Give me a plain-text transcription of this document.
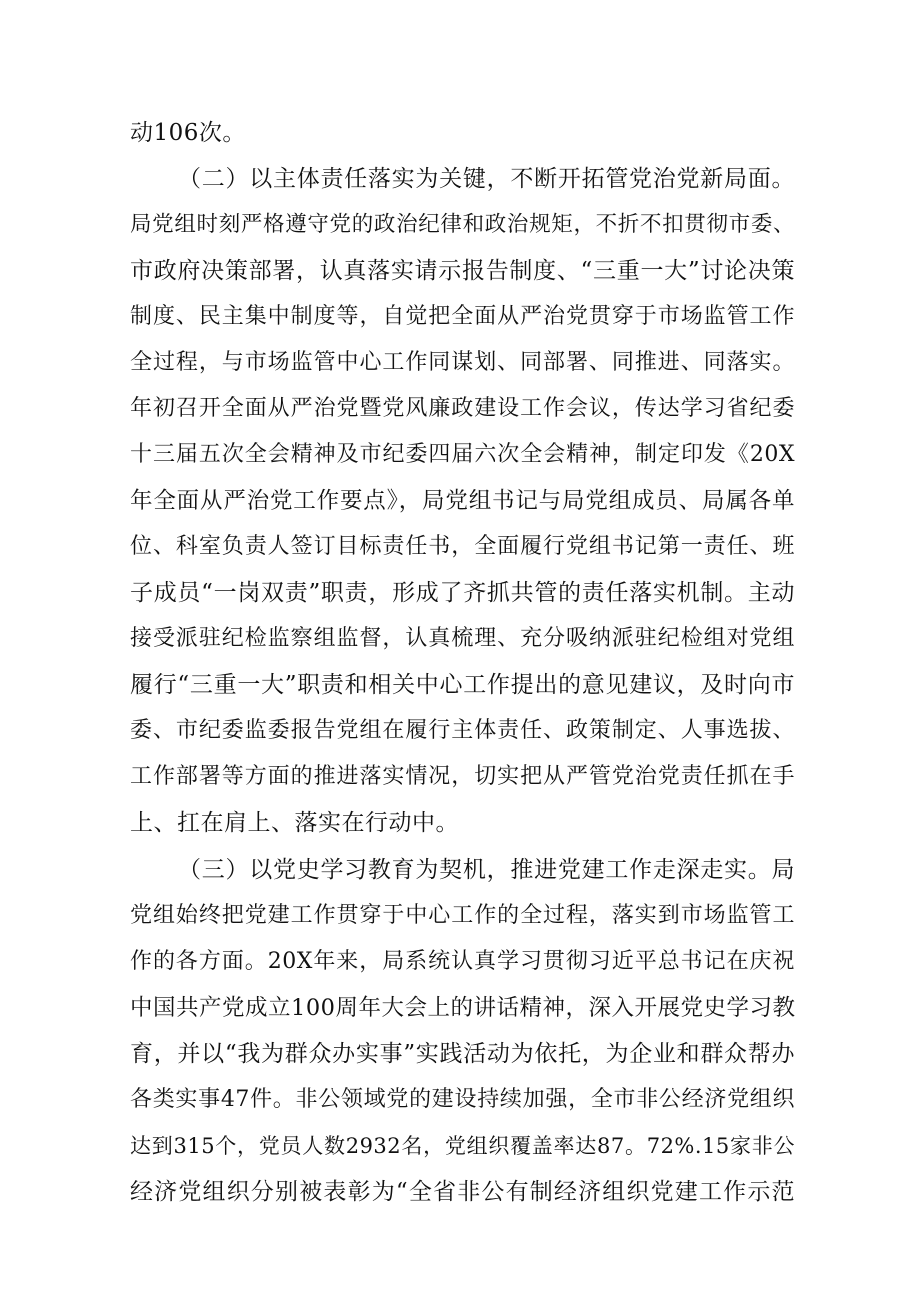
动106次。
（二）以主体责任落实为关键，不断开拓管党治党新局面。
局党组时刻严格遵守党的政治纪律和政治规矩，不折不扣贯彻市委、
市政府决策部署，认真落实请示报告制度、“三重一大”讨论决策
制度、民主集中制度等，自觉把全面从严治党贯穿于市场监管工作
全过程，与市场监管中心工作同谋划、同部署、同推进、同落实。
年初召开全面从严治党暨党风廉政建设工作会议，传达学习省纪委
十三届五次全会精神及市纪委四届六次全会精神，制定印发《20X
年全面从严治党工作要点》，局党组书记与局党组成员、局属各单
位、科室负责人签订目标责任书，全面履行党组书记第一责任、班
子成员“一岗双责”职责，形成了齐抓共管的责任落实机制。主动
接受派驻纪检监察组监督，认真梳理、充分吸纳派驻纪检组对党组
履行“三重一大”职责和相关中心工作提出的意见建议，及时向市
委、市纪委监委报告党组在履行主体责任、政策制定、人事选拔、
工作部署等方面的推进落实情况，切实把从严管党治党责任抓在手
上、扛在肩上、落实在行动中。
（三）以党史学习教育为契机，推进党建工作走深走实。局
党组始终把党建工作贯穿于中心工作的全过程，落实到市场监管工
作的各方面。20X年来，局系统认真学习贯彻习近平总书记在庆祝
中国共产党成立100周年大会上的讲话精神，深入开展党史学习教
育，并以“我为群众办实事”实践活动为依托，为企业和群众帮办
各类实事47件。非公领域党的建设持续加强，全市非公经济党组织
达到315个，党员人数2932名，党组织覆盖率达87。72%.15家非公
经济党组织分别被表彰为“全省非公有制经济组织党建工作示范
